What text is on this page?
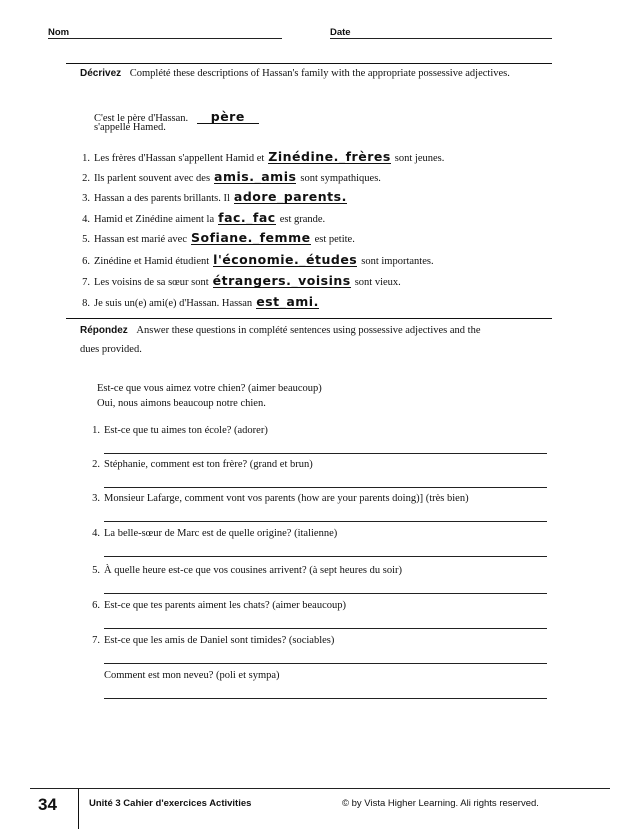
Nom	Date
Décrivez Complété these descriptions of Hassan's family with the appropriate possessive adjectives.
C'est le père d'Hassan. père
s'appelle Hamed.
1. Les frères d'Hassan s'appellent Hamid et Zinédine._frères sont jeunes.
2. Ils parlent souvent avec des amis._amis sont sympathiques.
3. Hassan a des parents brillants. Il adore_parents.
4. Hamid et Zinédine aiment la fac._fac est grande.
5. Hassan est marié avec Sofiane._femme est petite.
6. Zinédine et Hamid étudient l'économie._études sont importantes.
7. Les voisins de sa sœur sont étrangers._voisins sont vieux.
8. Je suis un(e) ami(e) d'Hassan. Hassan est_ami.
Répondez Answer these questions in complété sentences using possessive adjectives and the
dues provided.
Est-ce que vous aimez votre chien? (aimer beaucoup)
Oui, nous aimons beaucoup notre chien.
1. Est-ce que tu aimes ton école? (adorer)
2. Stéphanie, comment est ton frère? (grand et brun)
3. Monsieur Lafarge, comment vont vos parents (how are your parents doing)] (très bien)
4. La belle-sœur de Marc est de quelle origine? (italienne)
5. À quelle heure est-ce que vos cousines arrivent? (à sept heures du soir)
6. Est-ce que tes parents aiment les chats? (aimer beaucoup)
7. Est-ce que les amis de Daniel sont timides? (sociables)
Comment est mon neveu? (poli et sympa)
34	Unité 3 Cahier d'exercices Activities	© by Vista Higher Learning. Ali rights reserved.
